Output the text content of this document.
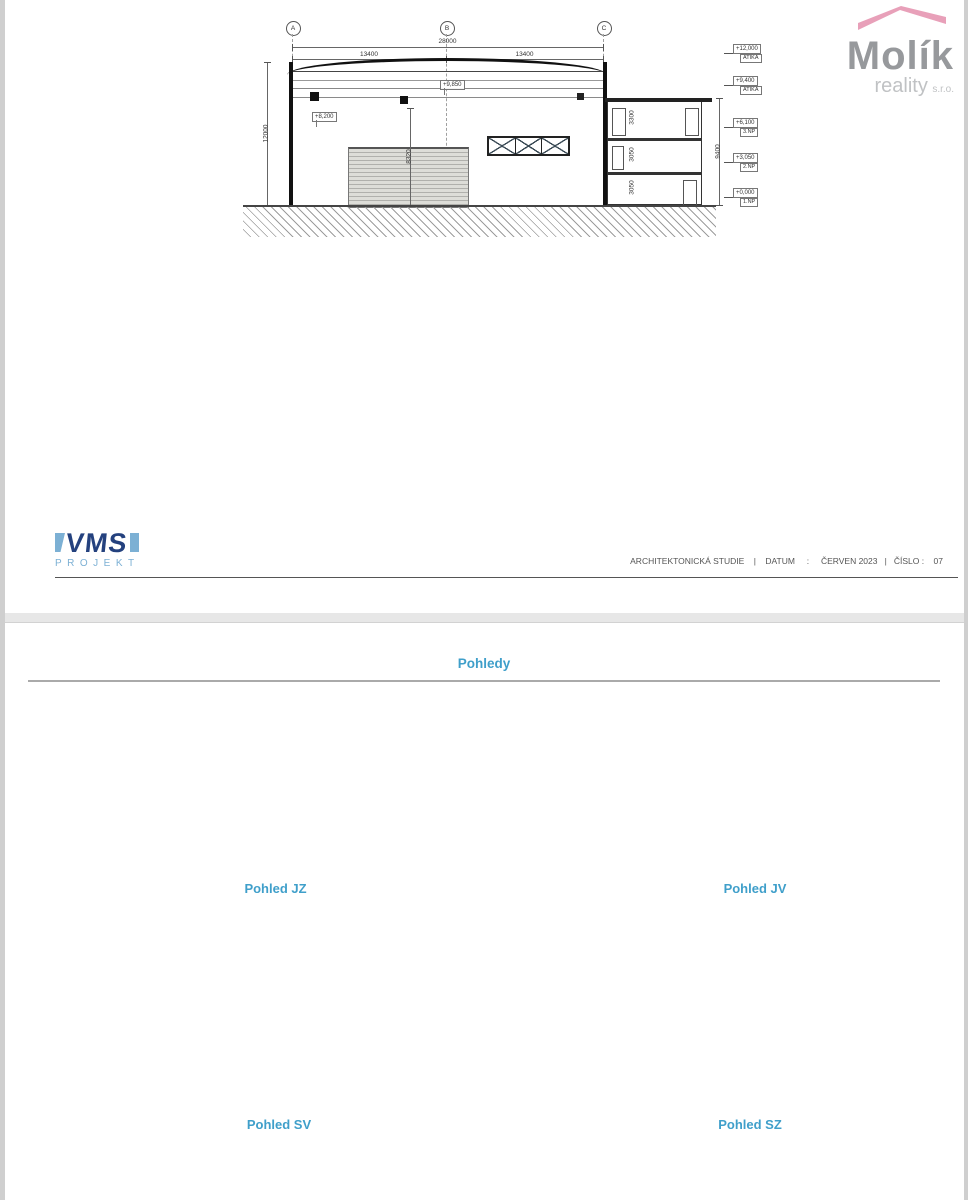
Molík
reality s.r.o.
A	B	C
28000
13400	13400
8320
12000
3300
3050
3050
9400
+9,850
+8,200
+12,000
ATIKA
+9,400
ATIKA
+6,100
3.NP
+3,050
2.NP
+0,000
1.NP
VMS
PROJEKT	ARCHITEKTONICKÁ STUDIE    |    DATUM     :     ČERVEN 2023   |   ČÍSLO :    07
Pohledy
Pohled JZ	Pohled JV
Pohled SV	Pohled SZ
